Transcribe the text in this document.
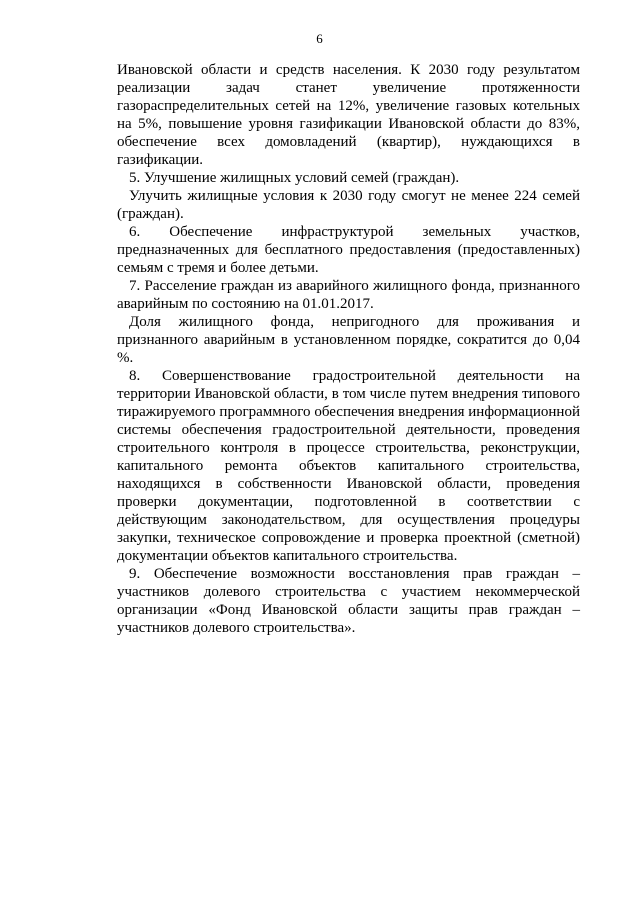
6

Ивановской области и средств населения. К 2030 году результатом реализации задач станет увеличение протяженности газораспределительных сетей на 12%, увеличение газовых котельных на 5%, повышение уровня газификации Ивановской области до 83%, обеспечение всех домовладений (квартир), нуждающихся в газификации.

5. Улучшение жилищных условий семей (граждан).

Улучить жилищные условия к 2030 году смогут не менее 224 семей (граждан).

6. Обеспечение инфраструктурой земельных участков, предназначенных для бесплатного предоставления (предоставленных) семьям с тремя и более детьми.

7. Расселение граждан из аварийного жилищного фонда, признанного аварийным по состоянию на 01.01.2017.

Доля жилищного фонда, непригодного для проживания и признанного аварийным в установленном порядке, сократится до 0,04 %.

8. Совершенствование градостроительной деятельности на территории Ивановской области, в том числе путем внедрения типового тиражируемого программного обеспечения внедрения информационной системы обеспечения градостроительной деятельности, проведения строительного контроля в процессе строительства, реконструкции, капитального ремонта объектов капитального строительства, находящихся в собственности Ивановской области, проведения проверки документации, подготовленной в соответствии с действующим законодательством, для осуществления процедуры закупки, техническое сопровождение и проверка проектной (сметной) документации объектов капитального строительства.

9. Обеспечение возможности восстановления прав граждан – участников долевого строительства с участием некоммерческой организации «Фонд Ивановской области защиты прав граждан – участников долевого строительства».
